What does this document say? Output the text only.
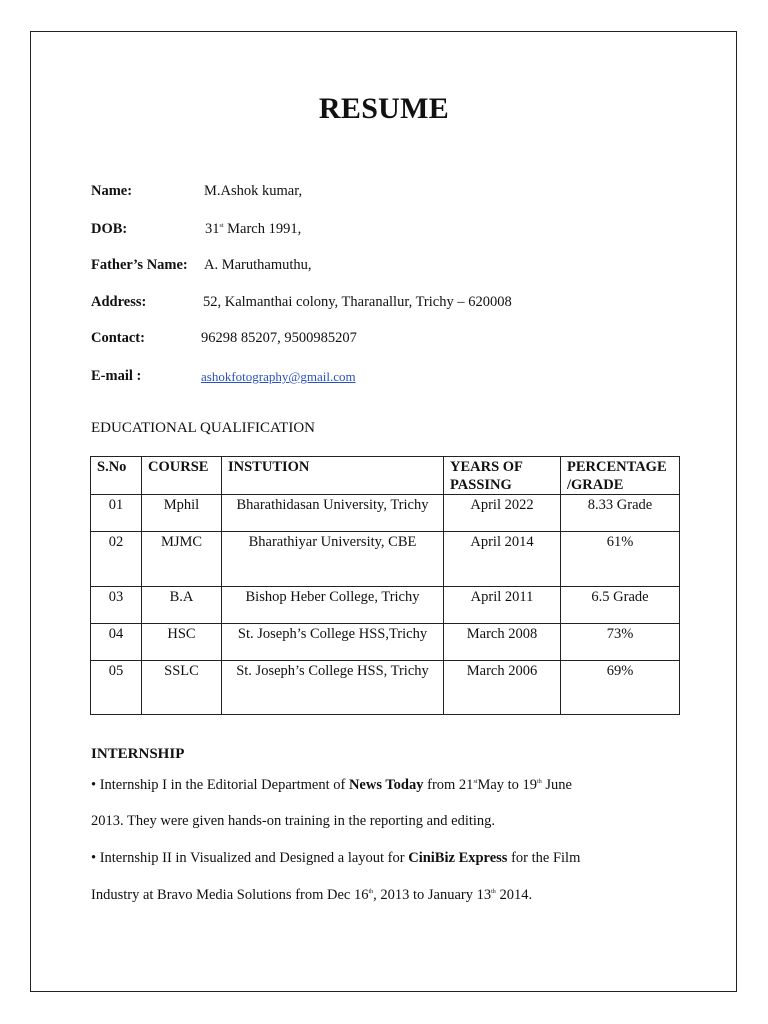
RESUME
Name:	M.Ashok kumar,
DOB:	31st March 1991,
Father’s Name: A. Maruthamuthu,
Address:	52, Kalmanthai colony, Tharanallur, Trichy – 620008
Contact:	96298 85207, 9500985207
E-mail :	ashokfotography@gmail.com
EDUCATIONAL QUALIFICATION
S.No	COURSE	INSTUTION	YEARS OF PASSING	PERCENTAGE /GRADE
01	Mphil	Bharathidasan University, Trichy	April 2022	8.33 Grade
02	MJMC	Bharathiyar University, CBE	April 2014	61%
03	B.A	Bishop Heber College, Trichy	April 2011	6.5 Grade
04	HSC	St. Joseph’s College HSS,Trichy	March 2008	73%
05	SSLC	St. Joseph’s College HSS, Trichy	March 2006	69%
INTERNSHIP
• Internship I in the Editorial Department of News Today from 21stMay to 19th June
2013. They were given hands-on training in the reporting and editing.
• Internship II in Visualized and Designed a layout for CiniBiz Express for the Film
Industry at Bravo Media Solutions from Dec 16th, 2013 to January 13th 2014.
